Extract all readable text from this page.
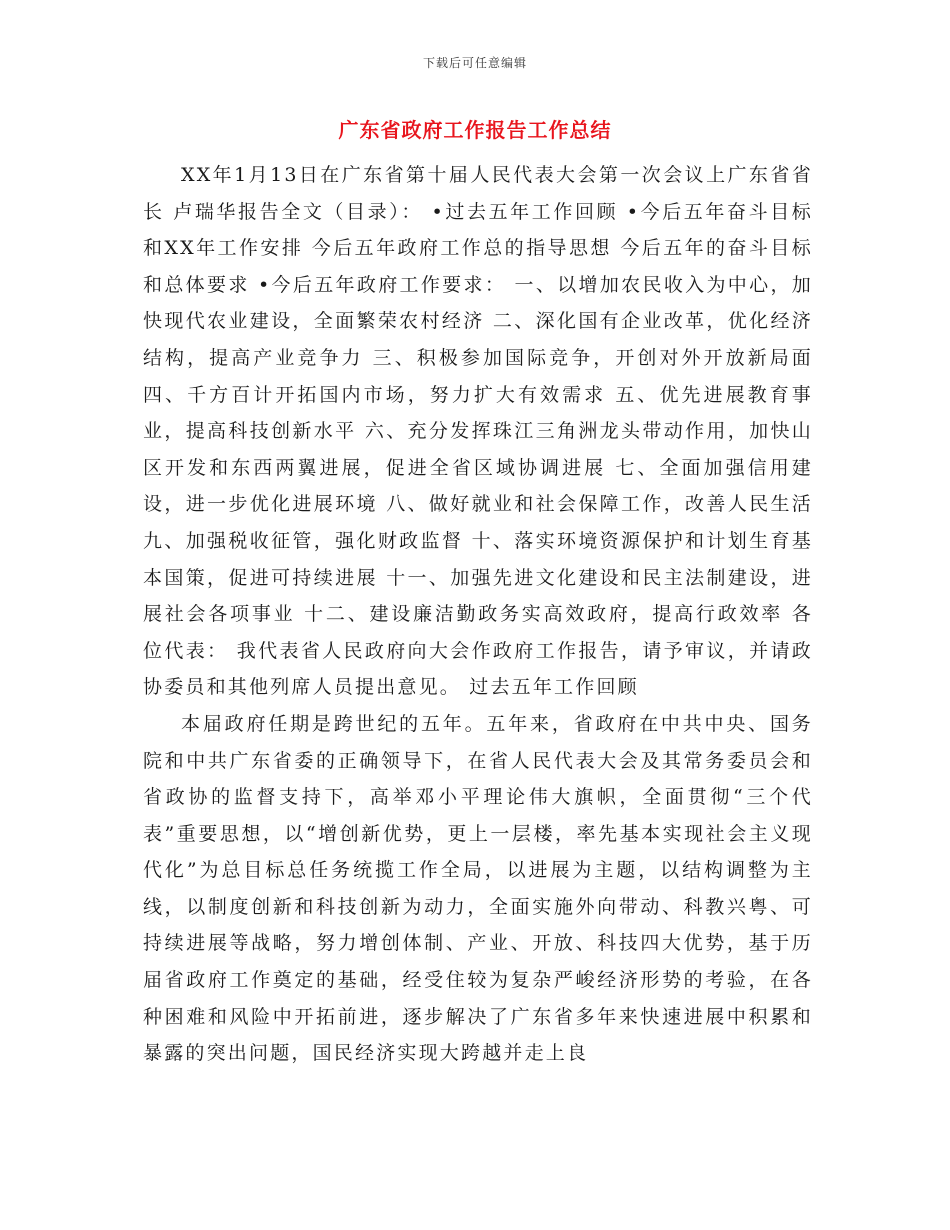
下载后可任意编辑
广东省政府工作报告工作总结

XX年1月13日在广东省第十届人民代表大会第一次会议上广东省省长 卢瑞华报告全文（目录）： •过去五年工作回顾 •今后五年奋斗目标和XX年工作安排 今后五年政府工作总的指导思想 今后五年的奋斗目标和总体要求 •今后五年政府工作要求： 一、以增加农民收入为中心，加快现代农业建设，全面繁荣农村经济 二、深化国有企业改革，优化经济结构，提高产业竞争力 三、积极参加国际竞争，开创对外开放新局面 四、千方百计开拓国内市场，努力扩大有效需求 五、优先进展教育事业，提高科技创新水平 六、充分发挥珠江三角洲龙头带动作用，加快山区开发和东西两翼进展，促进全省区域协调进展 七、全面加强信用建设，进一步优化进展环境 八、做好就业和社会保障工作，改善人民生活 九、加强税收征管，强化财政监督 十、落实环境资源保护和计划生育基本国策，促进可持续进展 十一、加强先进文化建设和民主法制建设，进展社会各项事业 十二、建设廉洁勤政务实高效政府，提高行政效率 各位代表： 我代表省人民政府向大会作政府工作报告，请予审议，并请政协委员和其他列席人员提出意见。 过去五年工作回顾

本届政府任期是跨世纪的五年。五年来，省政府在中共中央、国务院和中共广东省委的正确领导下，在省人民代表大会及其常务委员会和省政协的监督支持下，高举邓小平理论伟大旗帜，全面贯彻“三个代表”重要思想，以“增创新优势，更上一层楼，率先基本实现社会主义现代化”为总目标总任务统揽工作全局，以进展为主题，以结构调整为主线，以制度创新和科技创新为动力，全面实施外向带动、科教兴粤、可持续进展等战略，努力增创体制、产业、开放、科技四大优势，基于历届省政府工作奠定的基础，经受住较为复杂严峻经济形势的考验，在各种困难和风险中开拓前进，逐步解决了广东省多年来快速进展中积累和暴露的突出问题，国民经济实现大跨越并走上良
